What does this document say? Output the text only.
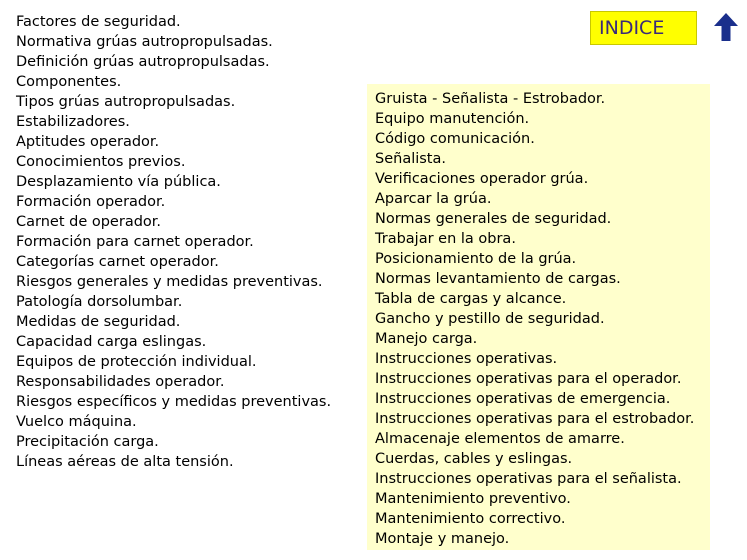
Factores de seguridad.
Normativa grúas autropropulsadas.
Definición grúas autropropulsadas.
Componentes.
Tipos grúas autropropulsadas.
Estabilizadores.
Aptitudes operador.
Conocimientos previos.
Desplazamiento vía pública.
Formación operador.
Carnet de operador.
Formación para carnet operador.
Categorías carnet operador.
Riesgos generales y medidas preventivas.
Patología dorsolumbar.
Medidas de seguridad.
Capacidad carga eslingas.
Equipos de protección individual.
Responsabilidades operador.
Riesgos específicos y medidas preventivas.
Vuelco máquina.
Precipitación carga.
Líneas aéreas de alta tensión.
INDICE
Gruista - Señalista - Estrobador.
Equipo manutención.
Código comunicación.
Señalista.
Verificaciones operador grúa.
Aparcar la grúa.
Normas generales de seguridad.
Trabajar en la obra.
Posicionamiento de la grúa.
Normas levantamiento de cargas.
Tabla de cargas y alcance.
Gancho y pestillo de seguridad.
Manejo carga.
Instrucciones operativas.
Instrucciones operativas para el operador.
Instrucciones operativas de emergencia.
Instrucciones operativas para el estrobador.
Almacenaje elementos de amarre.
Cuerdas, cables y eslingas.
Instrucciones operativas para el señalista.
Mantenimiento preventivo.
Mantenimiento correctivo.
Montaje y manejo.
